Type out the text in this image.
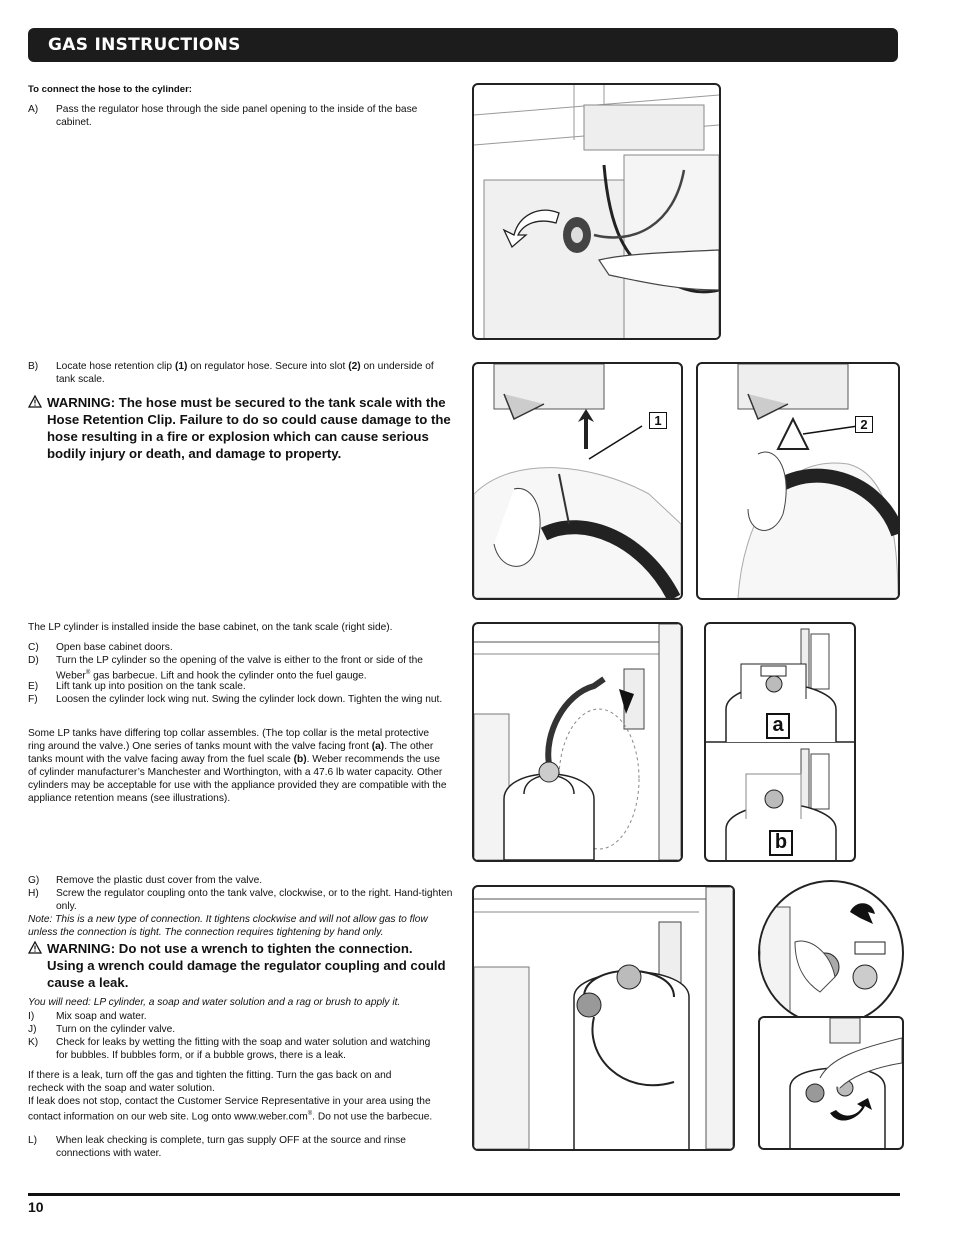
GAS INSTRUCTIONS
To connect the hose to the cylinder:
A) Pass the regulator hose through the side panel opening to the inside of the base cabinet.
B) Locate hose retention clip (1) on regulator hose. Secure into slot (2) on underside of tank scale.
WARNING: The hose must be secured to the tank scale with the Hose Retention Clip. Failure to do so could cause damage to the hose resulting in a fire or explosion which can cause serious bodily injury or death, and damage to property.
1	2
The LP cylinder is installed inside the base cabinet, on the tank scale (right side).
C) Open base cabinet doors.
D) Turn the LP cylinder so the opening of the valve is either to the front or side of the Weber® gas barbecue. Lift and hook the cylinder onto the fuel gauge.
E) Lift tank up into position on the tank scale.
F) Loosen the cylinder lock wing nut. Swing the cylinder lock down. Tighten the wing nut.
Some LP tanks have differing top collar assembles. (The top collar is the metal protective ring around the valve.) One series of tanks mount with the valve facing front (a). The other tanks mount with the valve facing away from the fuel scale (b). Weber recommends the use of cylinder manufacturer’s Manchester and Worthington, with a 47.6 lb water capacity. Other cylinders may be acceptable for use with the appliance provided they are compatible with the appliance retention means (see illustrations).
a
b
G) Remove the plastic dust cover from the valve.
H) Screw the regulator coupling onto the tank valve, clockwise, or to the right. Hand-tighten only.
Note: This is a new type of connection. It tightens clockwise and will not allow gas to flow unless the connection is tight. The connection requires tightening by hand only.
WARNING: Do not use a wrench to tighten the connection. Using a wrench could damage the regulator coupling and could cause a leak.
You will need: LP cylinder, a soap and water solution and a rag or brush to apply it.
I) Mix soap and water.
J) Turn on the cylinder valve.
K) Check for leaks by wetting the fitting with the soap and water solution and watching for bubbles. If bubbles form, or if a bubble grows, there is a leak.
If there is a leak, turn off the gas and tighten the fitting. Turn the gas back on and recheck with the soap and water solution.
If leak does not stop, contact the Customer Service Representative in your area using the contact information on our web site. Log onto www.weber.com®. Do not use the barbecue.
L) When leak checking is complete, turn gas supply OFF at the source and rinse connections with water.
10
